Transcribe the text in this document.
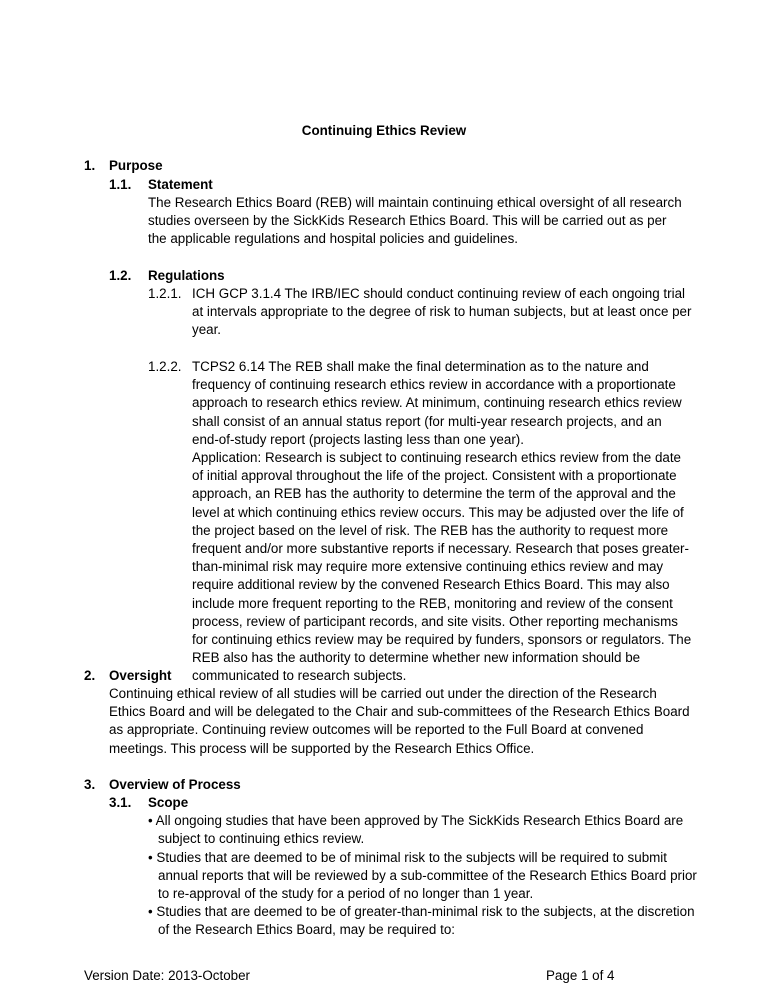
Continuing Ethics Review
1. Purpose
1.1. Statement
The Research Ethics Board (REB) will maintain continuing ethical oversight of all research studies overseen by the SickKids Research Ethics Board. This will be carried out as per the applicable regulations and hospital policies and guidelines.
1.2. Regulations
1.2.1. ICH GCP 3.1.4 The IRB/IEC should conduct continuing review of each ongoing trial at intervals appropriate to the degree of risk to human subjects, but at least once per year.
1.2.2. TCPS2 6.14 The REB shall make the final determination as to the nature and frequency of continuing research ethics review in accordance with a proportionate approach to research ethics review. At minimum, continuing research ethics review shall consist of an annual status report (for multi-year research projects, and an end-of-study report (projects lasting less than one year).
Application: Research is subject to continuing research ethics review from the date of initial approval throughout the life of the project. Consistent with a proportionate approach, an REB has the authority to determine the term of the approval and the level at which continuing ethics review occurs. This may be adjusted over the life of the project based on the level of risk. The REB has the authority to request more frequent and/or more substantive reports if necessary. Research that poses greater-than-minimal risk may require more extensive continuing ethics review and may require additional review by the convened Research Ethics Board. This may also include more frequent reporting to the REB, monitoring and review of the consent process, review of participant records, and site visits. Other reporting mechanisms for continuing ethics review may be required by funders, sponsors or regulators. The REB also has the authority to determine whether new information should be communicated to research subjects.
2. Oversight
Continuing ethical review of all studies will be carried out under the direction of the Research Ethics Board and will be delegated to the Chair and sub-committees of the Research Ethics Board as appropriate. Continuing review outcomes will be reported to the Full Board at convened meetings. This process will be supported by the Research Ethics Office.
3. Overview of Process
3.1. Scope
• All ongoing studies that have been approved by The SickKids Research Ethics Board are subject to continuing ethics review.
• Studies that are deemed to be of minimal risk to the subjects will be required to submit annual reports that will be reviewed by a sub-committee of the Research Ethics Board prior to re-approval of the study for a period of no longer than 1 year.
• Studies that are deemed to be of greater-than-minimal risk to the subjects, at the discretion of the Research Ethics Board, may be required to:
Version Date: 2013-October	Page 1 of 4
